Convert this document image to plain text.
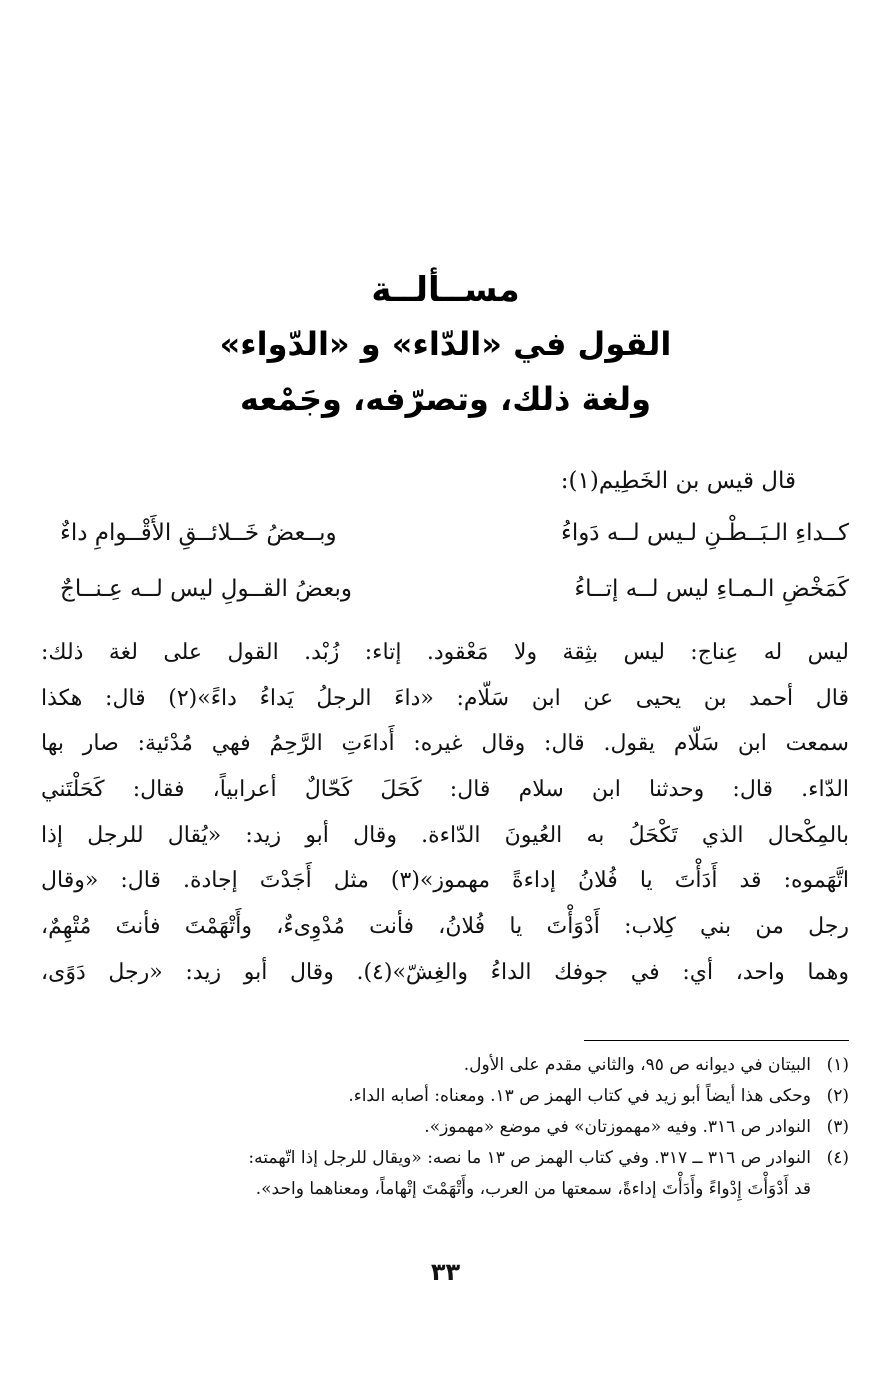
مســألــة
القول في «الدّاء» و «الدّواء»
ولغة ذلك، وتصرّفه، وجَمْعه
قال قيس بن الخَطِيم(١):
كــداءِ الـبَــطْـنِ لـيس لــه دَواءُ
وبــعضُ خَــلائــقِ الأَقْــوامِ داءٌ
كَمَخْضِ الـمـاءِ ليس لــه إتــاءُ
وبعضُ القــولِ ليس لــه عِـنــاجٌ
ليس له عِناج: ليس بثِقة ولا مَعْقود. إتاء: زُبْد. القول على لغة ذلك:
قال أحمد بن يحيى عن ابن سَلّام: «داءَ الرجلُ يَداءُ داءً»(٢) قال: هكذا
سمعت ابن سَلّام يقول. قال: وقال غيره: أَداءَتِ الرَّحِمُ فهي مُدْئية: صار بها
الدّاء. قال: وحدثنا ابن سلام قال: كَحَلَ كَحّالٌ أعرابياً، فقال: كَحَلْتَني
بالمِكْحال الذي تَكْحَلُ به العُيونَ الدّاءة. وقال أبو زيد: «يُقال للرجل إذا
اتَّهَموه: قد أَدَأْتَ يا فُلانُ إداءةً مهموز»(٣) مثل أَجَدْتَ إجادة. قال: «وقال
رجل من بني كِلاب: أَدْوَأْتَ يا فُلانُ، فأنت مُدْوِىءٌ، وأَتْهَمْتَ فأنتَ مُتْهِمٌ،
وهما واحد، أي: في جوفك الداءُ والغِشّ»(٤). وقال أبو زيد: «رجل دَوًى،
(١)البيتان في ديوانه ص ٩٥، والثاني مقدم على الأول.
(٢)وحكى هذا أيضاً أبو زيد في كتاب الهمز ص ١٣. ومعناه: أصابه الداء.
(٣)النوادر ص ٣١٦. وفيه «مهموزتان» في موضع «مهموز».
(٤)النوادر ص ٣١٦ ــ ٣١٧. وفي كتاب الهمز ص ١٣ ما نصه: «ويقال للرجل إذا اتّهمته:
قد أَدْوَأْتَ إِدْواءً وأَدَأْتَ إداءةً، سمعتها من العرب، وأَتْهَمْتَ إتْهاماً، ومعناهما واحد».
٣٣
